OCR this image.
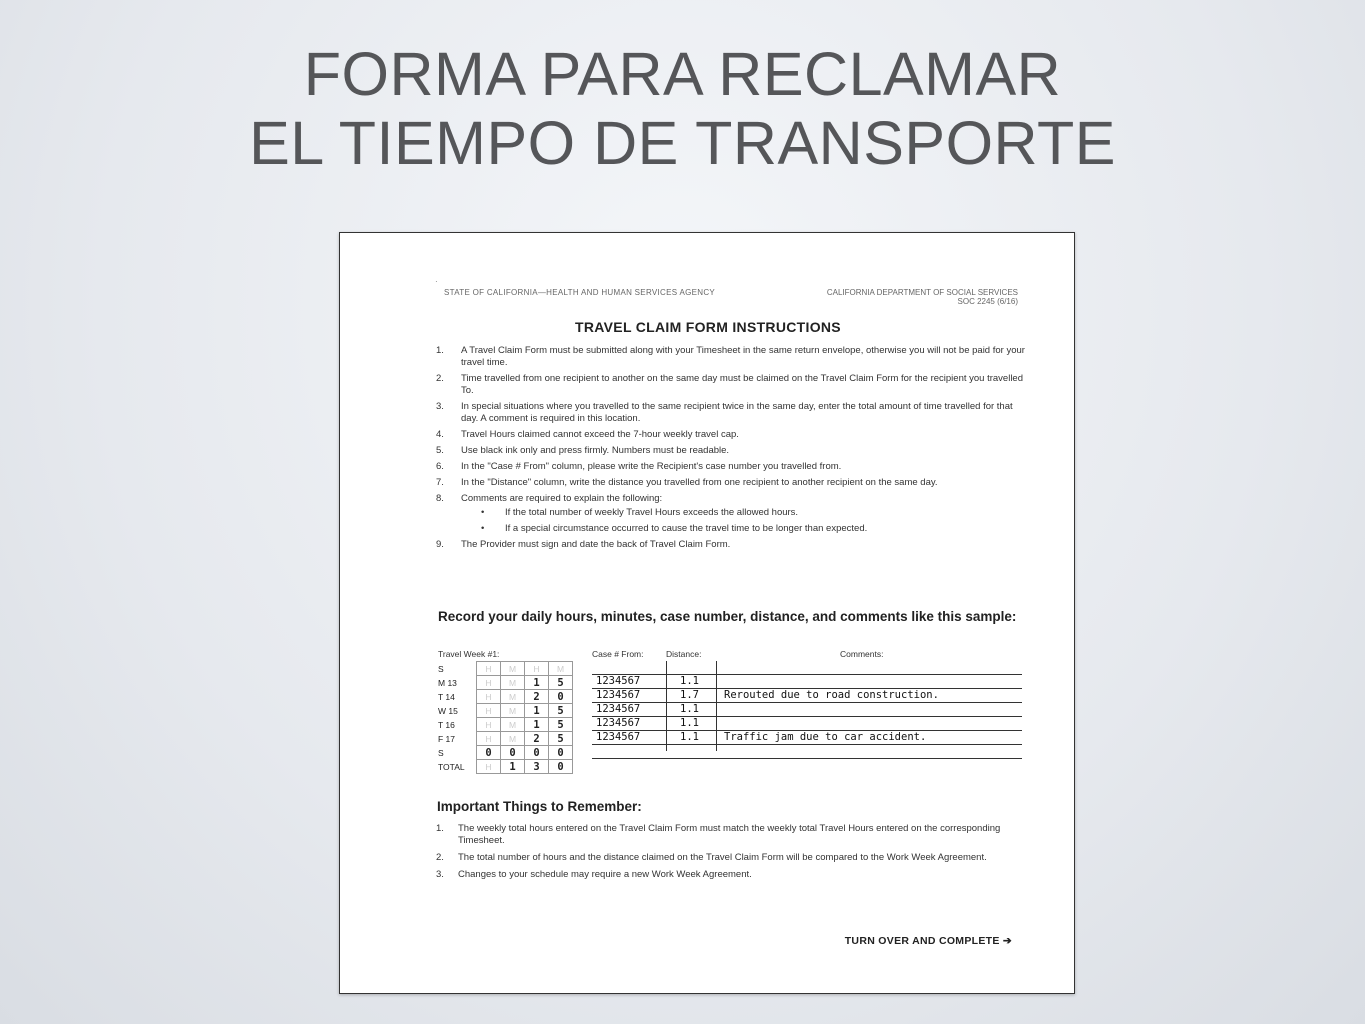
FORMA PARA RECLAMAR
EL TIEMPO DE TRANSPORTE
·
STATE OF CALIFORNIA—HEALTH AND HUMAN SERVICES AGENCY	CALIFORNIA DEPARTMENT OF SOCIAL SERVICES
SOC 2245 (6/16)
TRAVEL CLAIM FORM INSTRUCTIONS
1. A Travel Claim Form must be submitted along with your Timesheet in the same return envelope, otherwise you will not be paid for your travel time.
2. Time travelled from one recipient to another on the same day must be claimed on the Travel Claim Form for the recipient you travelled To.
3. In special situations where you travelled to the same recipient twice in the same day, enter the total amount of time travelled for that day. A comment is required in this location.
4. Travel Hours claimed cannot exceed the 7-hour weekly travel cap.
5. Use black ink only and press firmly. Numbers must be readable.
6. In the "Case # From" column, please write the Recipient's case number you travelled from.
7. In the "Distance" column, write the distance you travelled from one recipient to another recipient on the same day.
8. Comments are required to explain the following:
• If the total number of weekly Travel Hours exceeds the allowed hours.
• If a special circumstance occurred to cause the travel time to be longer than expected.
9. The Provider must sign and date the back of Travel Claim Form.
Record your daily hours, minutes, case number, distance, and comments like this sample:
Travel Week #1:	Case # From:	Distance:	Comments:
S	H	M	H	M
M 13	H	M	1	5
T 14	H	M	2	0
W 15	H	M	1	5
T 16	H	M	1	5
F 17	H	M	2	5
S	0	0	0	0
TOTAL	H	1	3	0
1234567	1.1
1234567	1.7 Rerouted due to road construction.
1234567	1.1
1234567	1.1
1234567	1.1 Traffic jam due to car accident.
Important Things to Remember:
1. The weekly total hours entered on the Travel Claim Form must match the weekly total Travel Hours entered on the corresponding Timesheet.
2. The total number of hours and the distance claimed on the Travel Claim Form will be compared to the Work Week Agreement.
3. Changes to your schedule may require a new Work Week Agreement.
TURN OVER AND COMPLETE ➔
